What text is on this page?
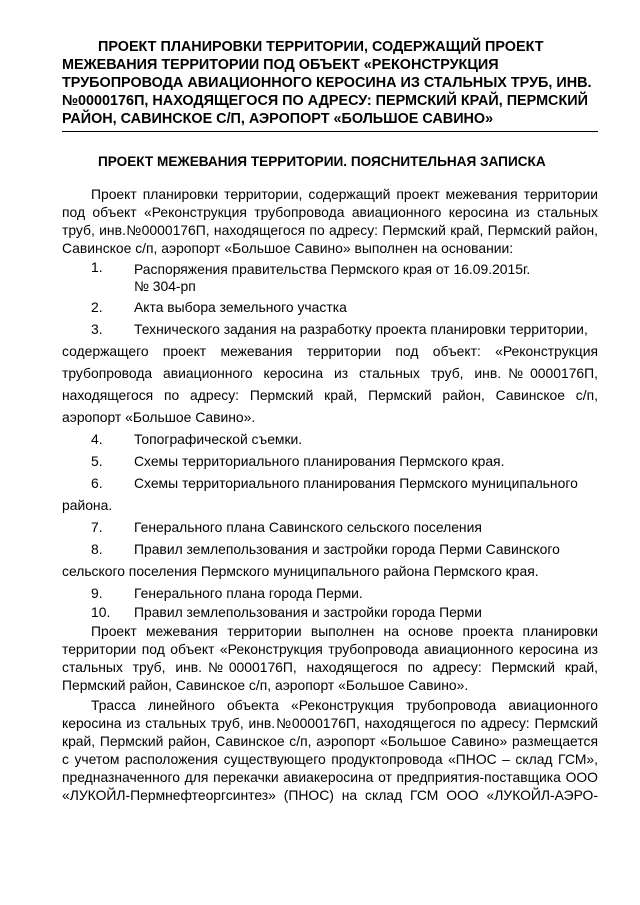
ПРОЕКТ ПЛАНИРОВКИ ТЕРРИТОРИИ, СОДЕРЖАЩИЙ ПРОЕКТ

МЕЖЕВАНИЯ ТЕРРИТОРИИ ПОД ОБЪЕКТ «РЕКОНСТРУКЦИЯ

ТРУБОПРОВОДА АВИАЦИОННОГО КЕРОСИНА ИЗ СТАЛЬНЫХ ТРУБ, ИНВ.

№0000176П, НАХОДЯЩЕГОСЯ ПО АДРЕСУ: ПЕРМСКИЙ КРАЙ, ПЕРМСКИЙ

РАЙОН, САВИНСКОЕ С/П, АЭРОПОРТ «БОЛЬШОЕ САВИНО»

ПРОЕКТ МЕЖЕВАНИЯ ТЕРРИТОРИИ. ПОЯСНИТЕЛЬНАЯ ЗАПИСКА

Проект планировки территории, содержащий проект межевания территории

под объект «Реконструкция трубопровода авиационного керосина из стальных

труб, инв.№0000176П, находящегося по адресу: Пермский край, Пермский район,

Савинское с/п, аэропорт «Большое Савино» выполнен на основании:

1. Распоряжения правительства Пермского края от 16.09.2015г.

№ 304-рп

2. Акта выбора земельного участка

3. Технического задания на разработку проекта планировки территории,

содержащего проект межевания территории под объект: «Реконструкция

трубопровода авиационного керосина из стальных труб, инв.№0000176П,

находящегося по адресу: Пермский край, Пермский район, Савинское с/п,

аэропорт «Большое Савино».

4. Топографической съемки.

5. Схемы территориального планирования Пермского края.

6. Схемы территориального планирования Пермского муниципального

района.

7. Генерального плана Савинского сельского поселения

8. Правил землепользования и застройки города Перми Савинского

сельского поселения Пермского муниципального района Пермского края.

9. Генерального плана города Перми.

10. Правил землепользования и застройки города Перми

Проект межевания территории выполнен на основе проекта планировки

территории под объект «Реконструкция трубопровода авиационного керосина из

стальных труб, инв.№0000176П, находящегося по адресу: Пермский край,

Пермский район, Савинское с/п, аэропорт «Большое Савино».

Трасса линейного объекта «Реконструкция трубопровода авиационного

керосина из стальных труб, инв.№0000176П, находящегося по адресу: Пермский

край, Пермский район, Савинское с/п, аэропорт «Большое Савино» размещается

с учетом расположения существующего продуктопровода «ПНОС – склад ГСМ»,

предназначенного для перекачки авиакеросина от предприятия-поставщика ООО

«ЛУКОЙЛ-Пермнефтеоргсинтез» (ПНОС) на склад ГСМ ООО «ЛУКОЙЛ-АЭРО-
